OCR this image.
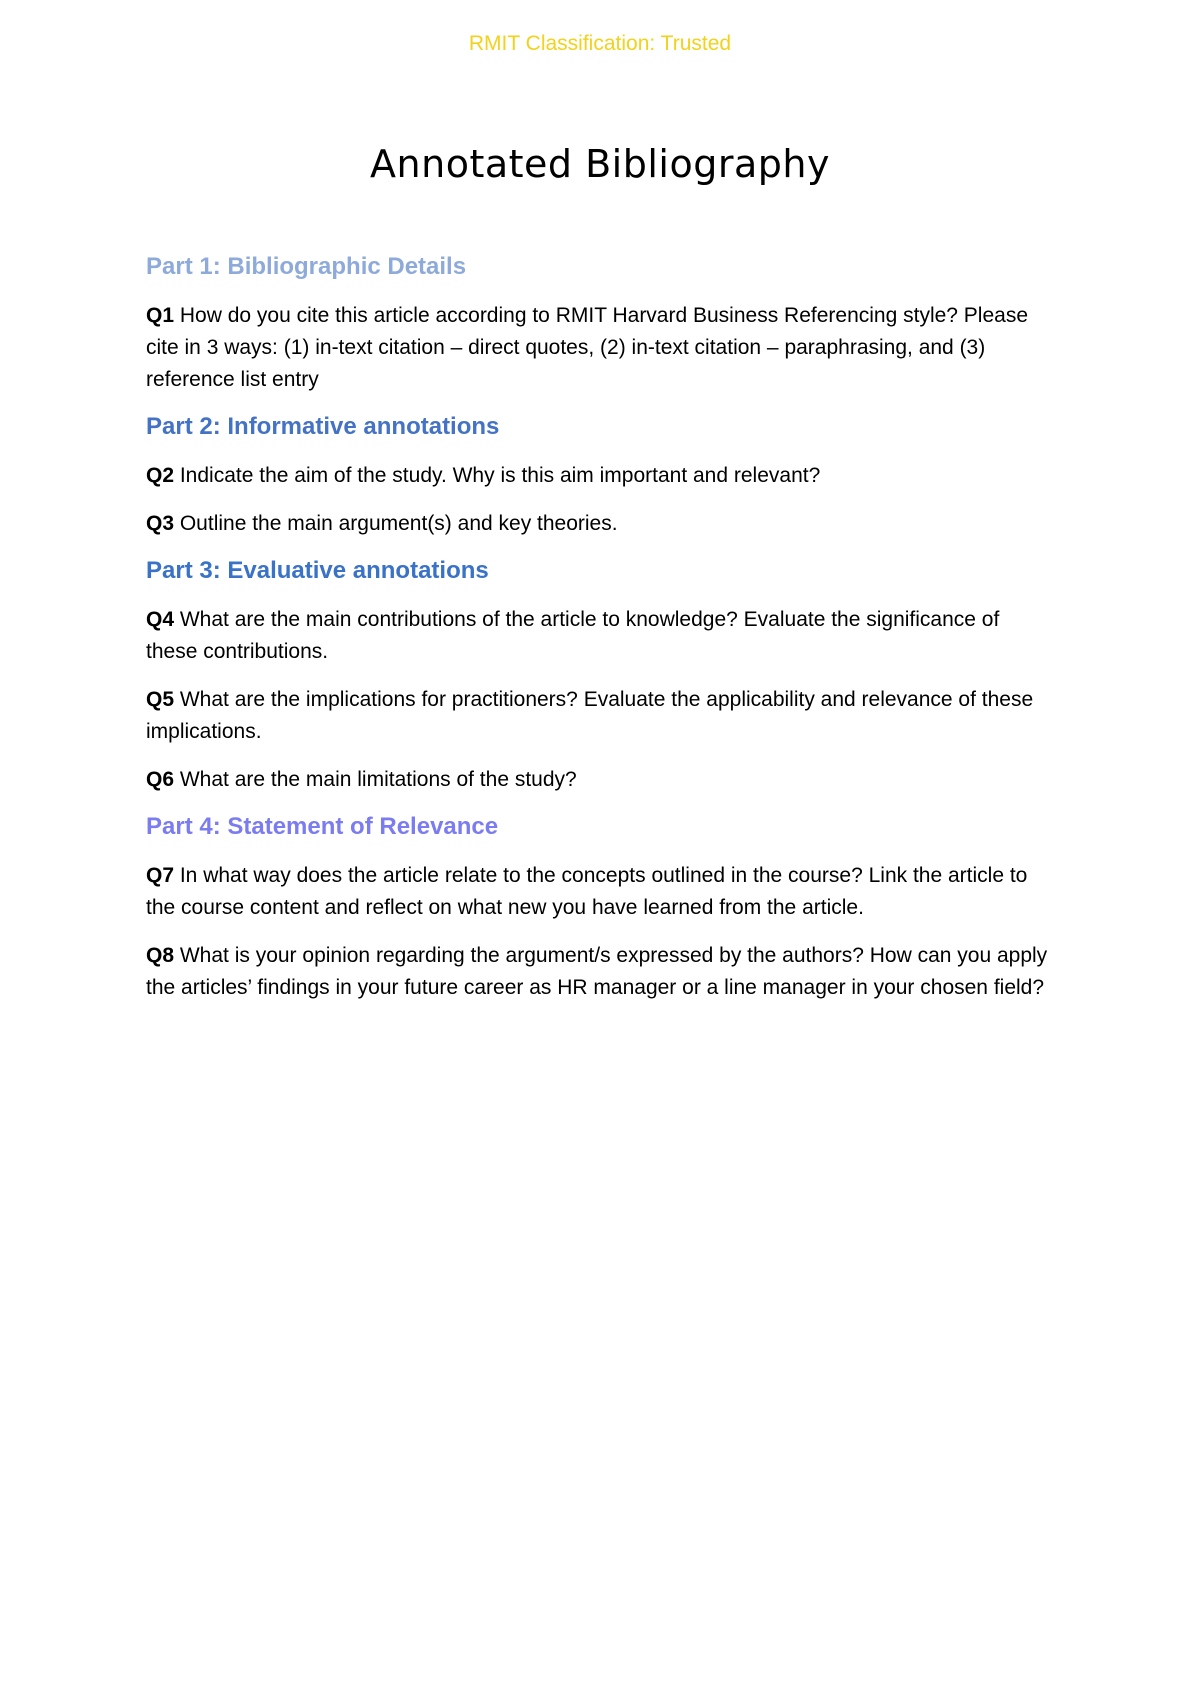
RMIT Classification: Trusted
Annotated Bibliography
Part 1: Bibliographic Details

Q1 How do you cite this article according to RMIT Harvard Business Referencing style? Please cite in 3 ways: (1) in-text citation – direct quotes, (2) in-text citation – paraphrasing, and (3) reference list entry

Part 2: Informative annotations

Q2 Indicate the aim of the study. Why is this aim important and relevant?

Q3 Outline the main argument(s) and key theories.

Part 3: Evaluative annotations

Q4 What are the main contributions of the article to knowledge? Evaluate the significance of these contributions.

Q5 What are the implications for practitioners? Evaluate the applicability and relevance of these implications.

Q6 What are the main limitations of the study?

Part 4: Statement of Relevance

Q7 In what way does the article relate to the concepts outlined in the course? Link the article to the course content and reflect on what new you have learned from the article.

Q8 What is your opinion regarding the argument/s expressed by the authors? How can you apply the articles’ findings in your future career as HR manager or a line manager in your chosen field?
